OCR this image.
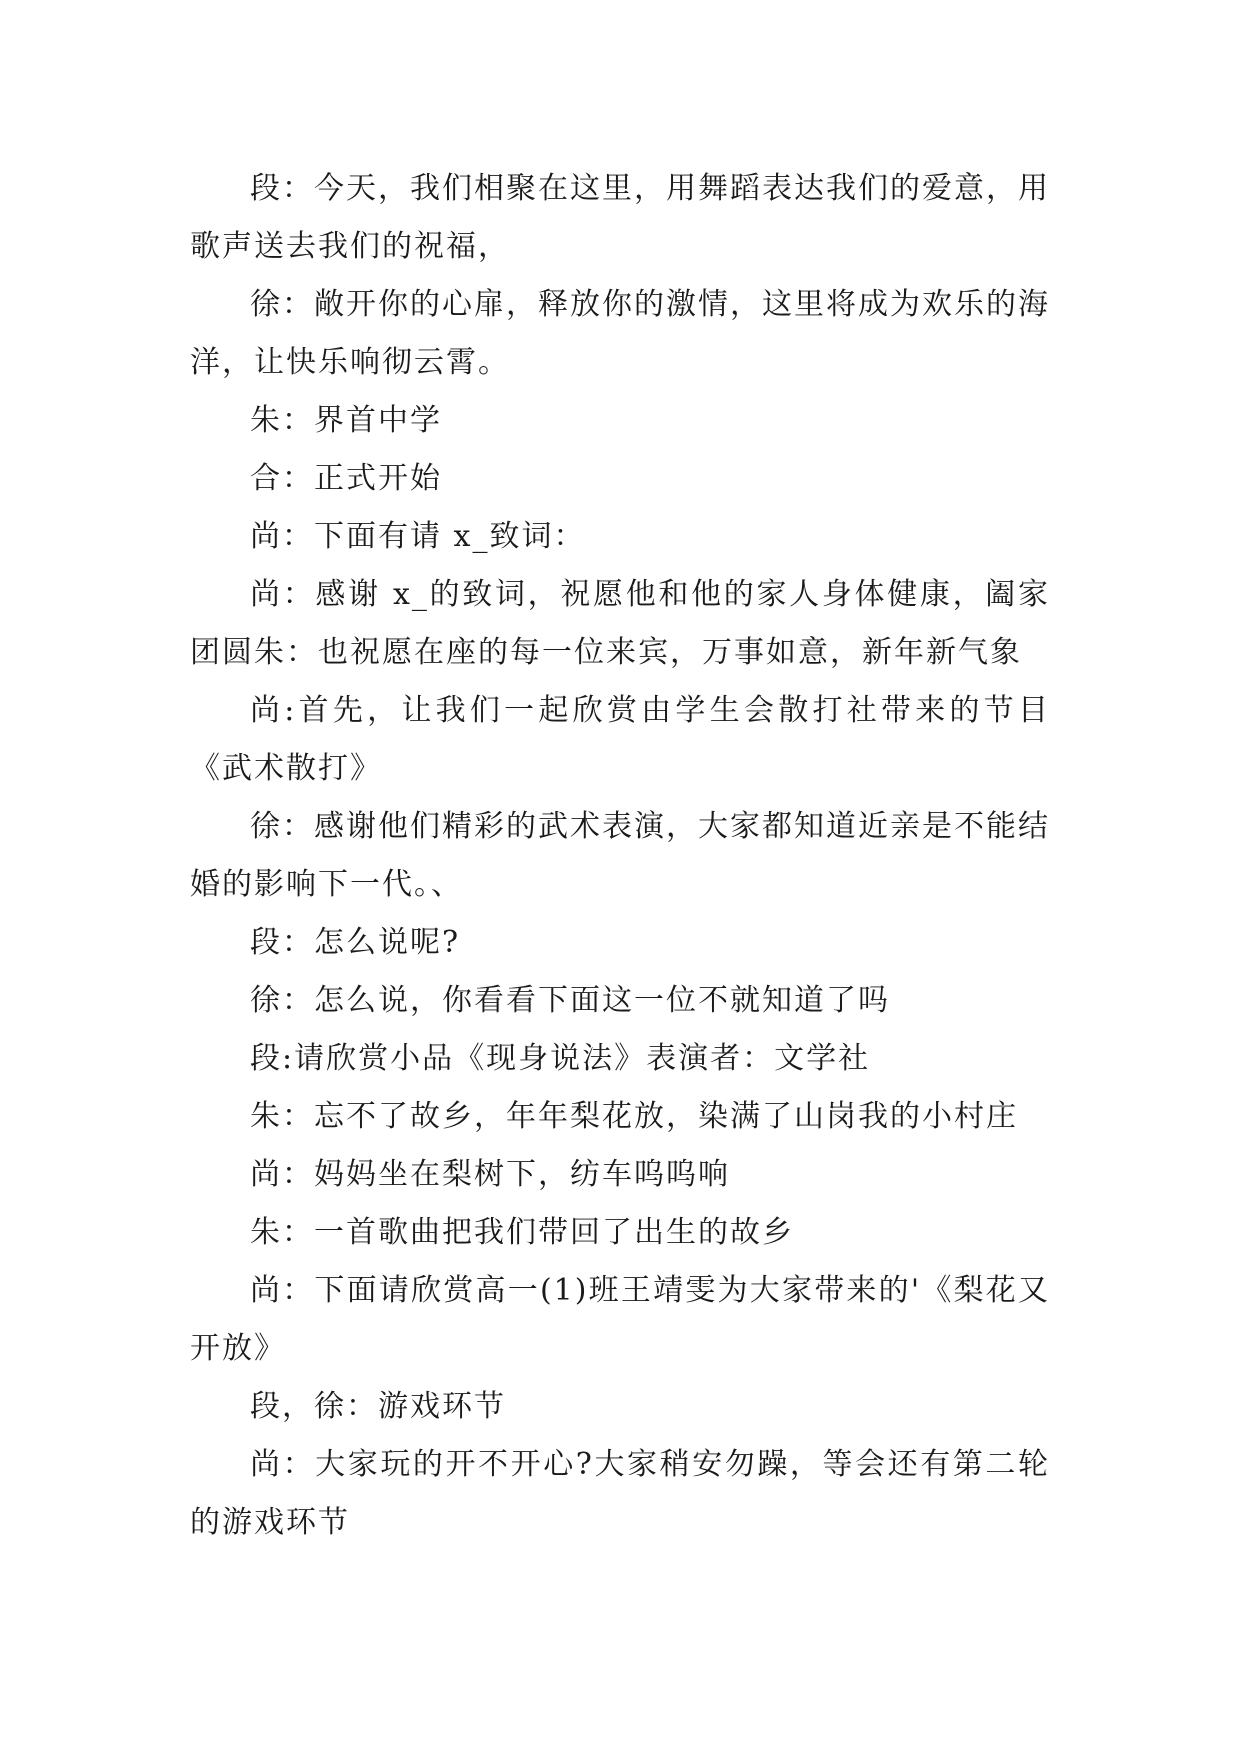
段：今天，我们相聚在这里，用舞蹈表达我们的爱意，用歌声送去我们的祝福，

徐：敞开你的心扉，释放你的激情，这里将成为欢乐的海洋，让快乐响彻云霄。

朱：界首中学

合：正式开始

尚：下面有请 x_致词：

尚：感谢 x_的致词，祝愿他和他的家人身体健康，阖家团圆朱：也祝愿在座的每一位来宾，万事如意，新年新气象

尚:首先，让我们一起欣赏由学生会散打社带来的节目《武术散打》

徐：感谢他们精彩的武术表演，大家都知道近亲是不能结婚的影响下一代。、

段：怎么说呢?

徐：怎么说，你看看下面这一位不就知道了吗

段:请欣赏小品《现身说法》表演者：文学社

朱：忘不了故乡，年年梨花放，染满了山岗我的小村庄

尚：妈妈坐在梨树下，纺车呜呜响

朱：一首歌曲把我们带回了出生的故乡

尚：下面请欣赏高一(1)班王靖雯为大家带来的'《梨花又开放》

段，徐：游戏环节

尚：大家玩的开不开心?大家稍安勿躁，等会还有第二轮的游戏环节
